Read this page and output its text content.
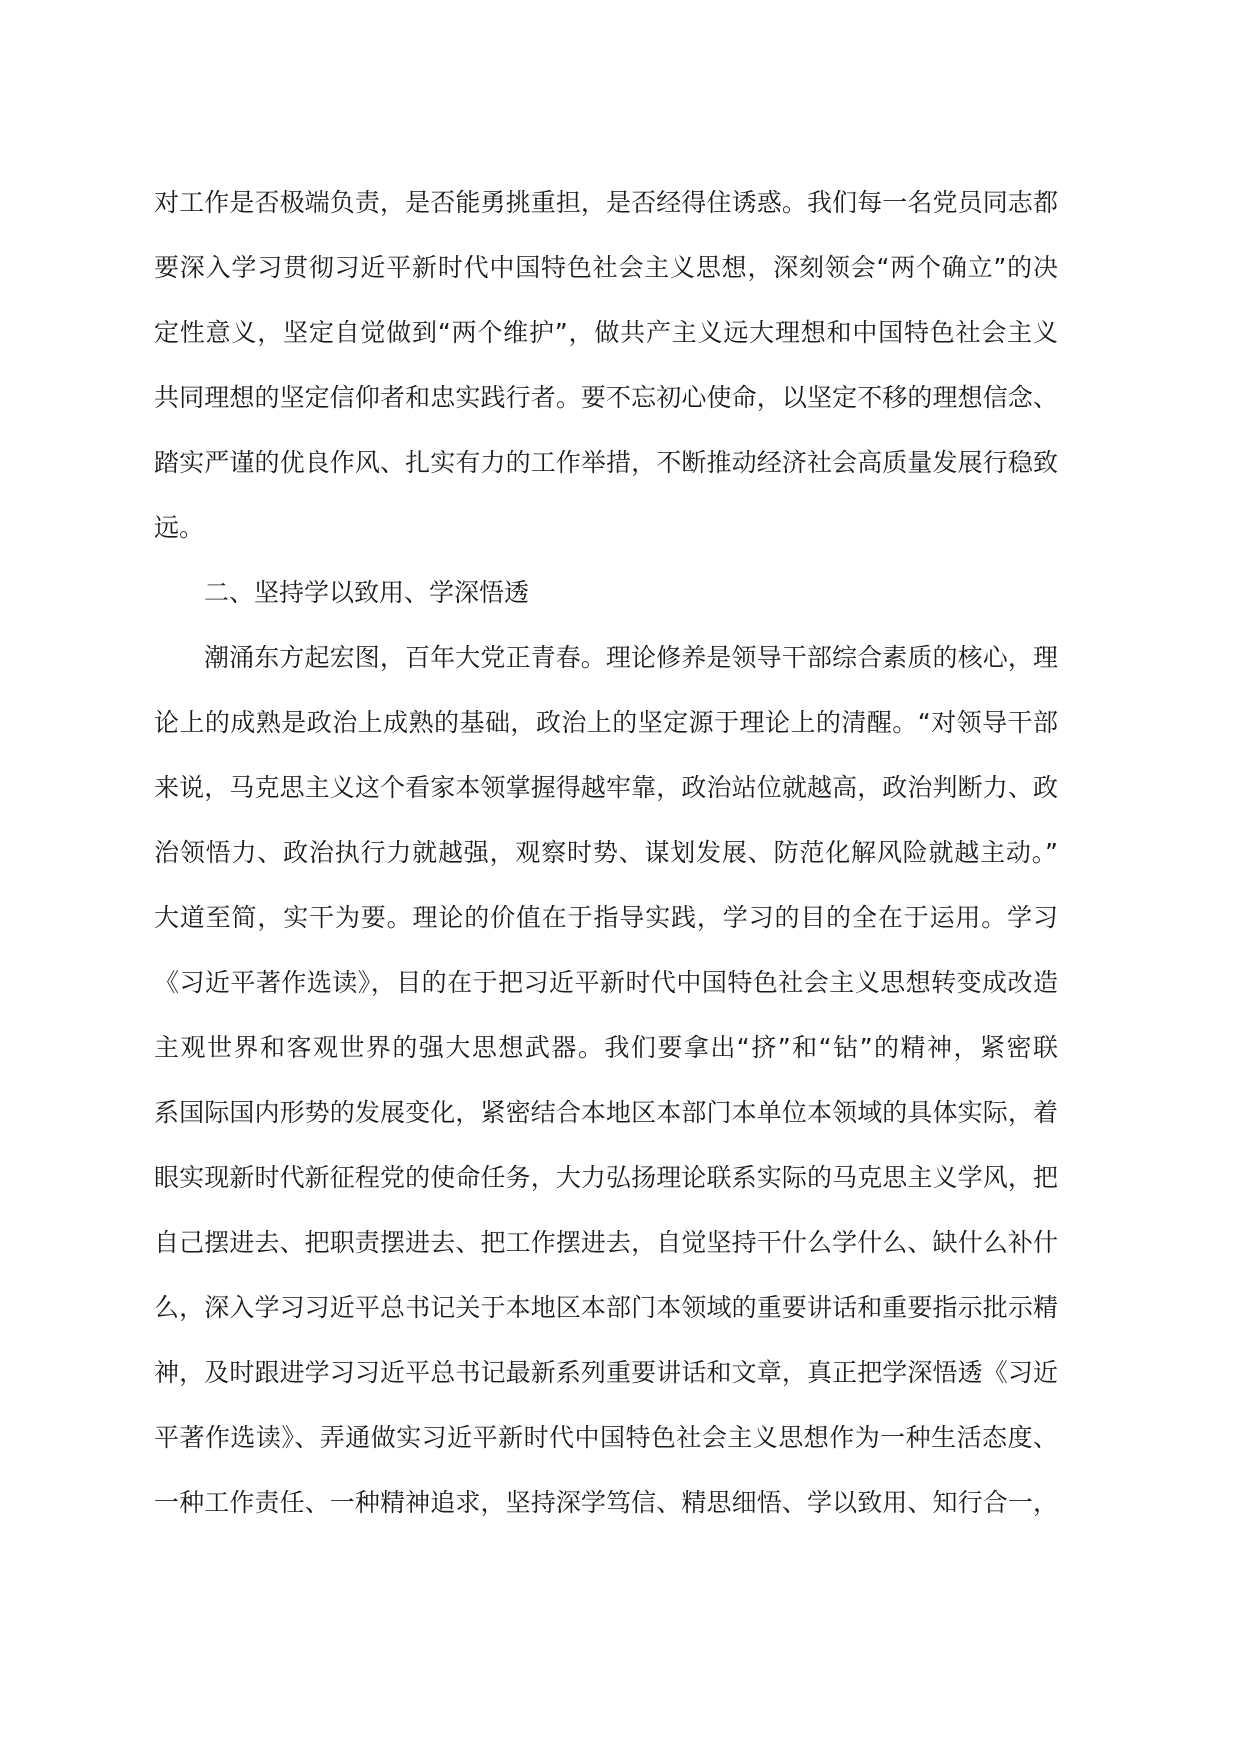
对工作是否极端负责，是否能勇挑重担，是否经得住诱惑。我们每一名党员同志都
要深入学习贯彻习近平新时代中国特色社会主义思想，深刻领会“两个确立”的决
定性意义，坚定自觉做到“两个维护”，做共产主义远大理想和中国特色社会主义
共同理想的坚定信仰者和忠实践行者。要不忘初心使命，以坚定不移的理想信念、
踏实严谨的优良作风、扎实有力的工作举措，不断推动经济社会高质量发展行稳致
远。
二、坚持学以致用、学深悟透
潮涌东方起宏图，百年大党正青春。理论修养是领导干部综合素质的核心，理
论上的成熟是政治上成熟的基础，政治上的坚定源于理论上的清醒。“对领导干部
来说，马克思主义这个看家本领掌握得越牢靠，政治站位就越高，政治判断力、政
治领悟力、政治执行力就越强，观察时势、谋划发展、防范化解风险就越主动。”
大道至简，实干为要。理论的价值在于指导实践，学习的目的全在于运用。学习
《习近平著作选读》，目的在于把习近平新时代中国特色社会主义思想转变成改造
主观世界和客观世界的强大思想武器。我们要拿出“挤”和“钻”的精神，紧密联
系国际国内形势的发展变化，紧密结合本地区本部门本单位本领域的具体实际，着
眼实现新时代新征程党的使命任务，大力弘扬理论联系实际的马克思主义学风，把
自己摆进去、把职责摆进去、把工作摆进去，自觉坚持干什么学什么、缺什么补什
么，深入学习习近平总书记关于本地区本部门本领域的重要讲话和重要指示批示精
神，及时跟进学习习近平总书记最新系列重要讲话和文章，真正把学深悟透《习近
平著作选读》、弄通做实习近平新时代中国特色社会主义思想作为一种生活态度、
一种工作责任、一种精神追求，坚持深学笃信、精思细悟、学以致用、知行合一，
